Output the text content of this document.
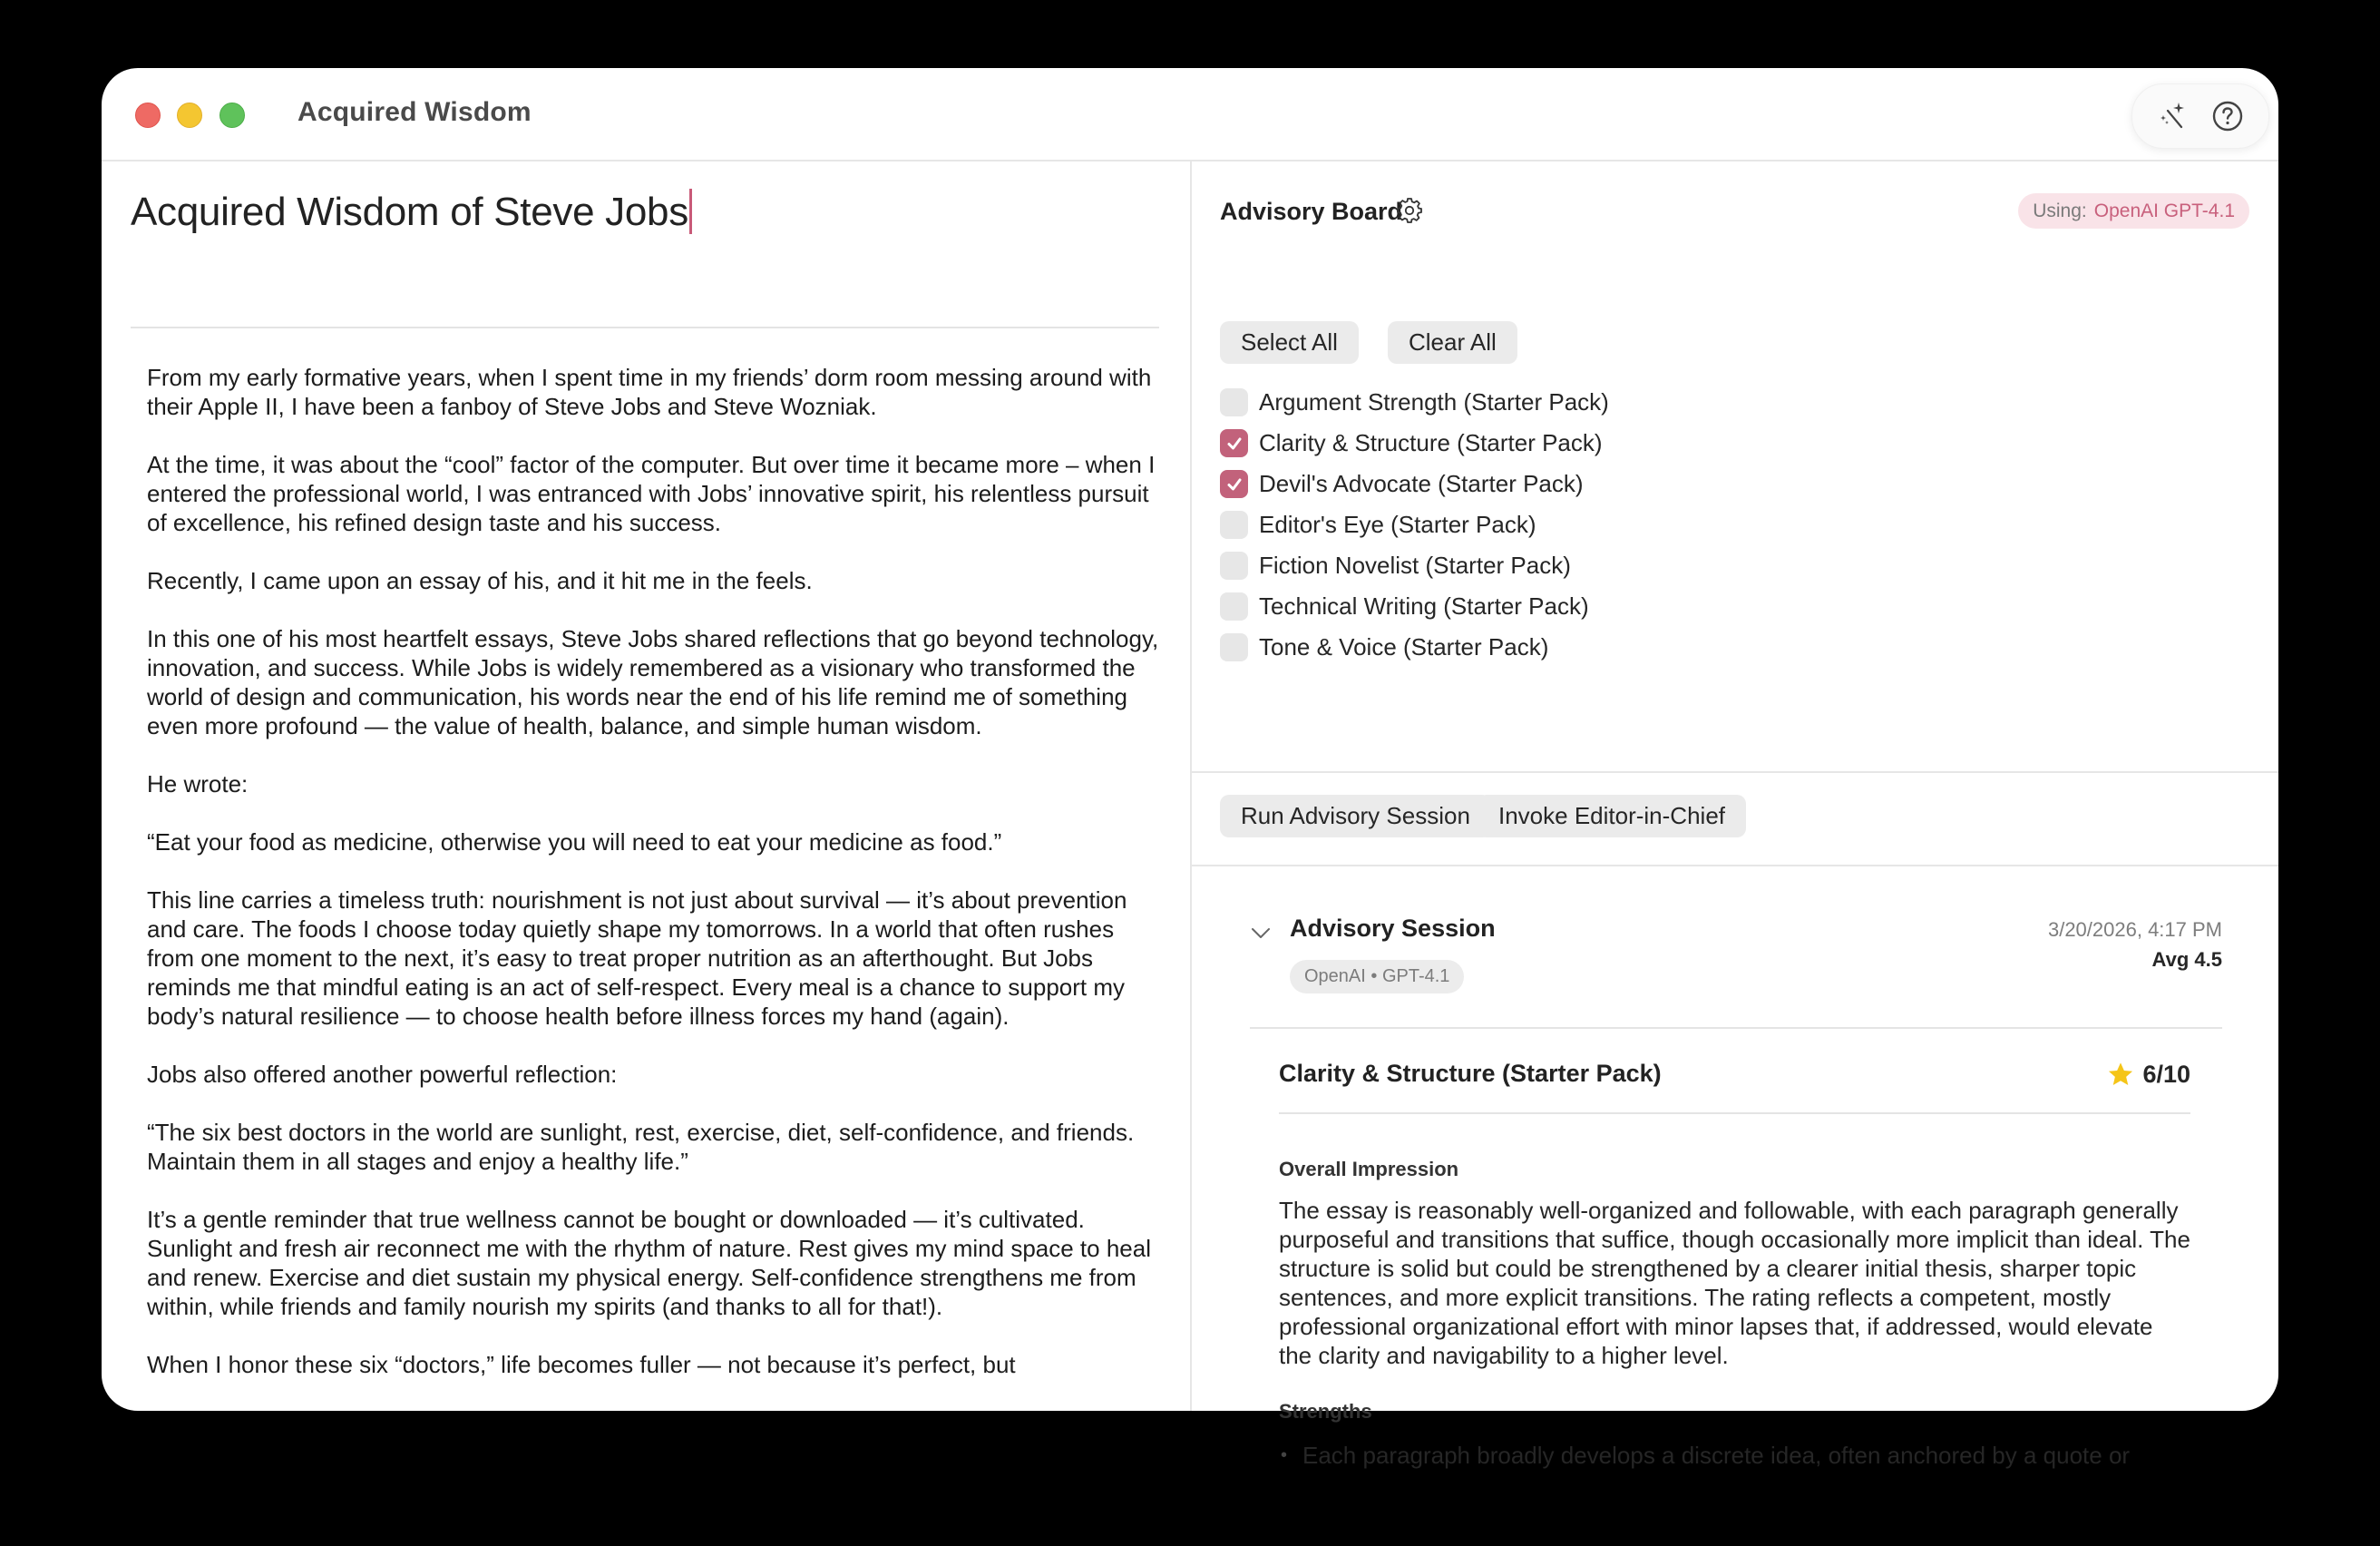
Acquired Wisdom
Acquired Wisdom of Steve Jobs

From my early formative years, when I spent time in my friends’ dorm room messing around with their Apple II, I have been a fanboy of Steve Jobs and Steve Wozniak.

At the time, it was about the “cool” factor of the computer. But over time it became more – when I entered the professional world, I was entranced with Jobs’ innovative spirit, his relentless pursuit of excellence, his refined design taste and his success.

Recently, I came upon an essay of his, and it hit me in the feels.

In this one of his most heartfelt essays, Steve Jobs shared reflections that go beyond technology, innovation, and success. While Jobs is widely remembered as a visionary who transformed the world of design and communication, his words near the end of his life remind me of something even more profound — the value of health, balance, and simple human wisdom.

He wrote:

“Eat your food as medicine, otherwise you will need to eat your medicine as food.”

This line carries a timeless truth: nourishment is not just about survival — it’s about prevention and care. The foods I choose today quietly shape my tomorrows. In a world that often rushes from one moment to the next, it’s easy to treat proper nutrition as an afterthought. But Jobs reminds me that mindful eating is an act of self-respect. Every meal is a chance to support my body’s natural resilience — to choose health before illness forces my hand (again).

Jobs also offered another powerful reflection:

“The six best doctors in the world are sunlight, rest, exercise, diet, self-confidence, and friends. Maintain them in all stages and enjoy a healthy life.”

It’s a gentle reminder that true wellness cannot be bought or downloaded — it’s cultivated. Sunlight and fresh air reconnect me with the rhythm of nature. Rest gives my mind space to heal and renew. Exercise and diet sustain my physical energy. Self-confidence strengthens me from within, while friends and family nourish my spirits (and thanks to all for that!).

When I honor these six “doctors,” life becomes fuller — not because it’s perfect, but

Advisory Board	Using: OpenAI GPT-4.1
Select All	Clear All
Argument Strength (Starter Pack)
Clarity & Structure (Starter Pack)
Devil's Advocate (Starter Pack)
Editor's Eye (Starter Pack)
Fiction Novelist (Starter Pack)
Technical Writing (Starter Pack)
Tone & Voice (Starter Pack)
Run Advisory Session	Invoke Editor-in-Chief
Advisory Session
OpenAI • GPT-4.1
3/20/2026, 4:17 PM
Avg 4.5
Clarity & Structure (Starter Pack)	6/10
Overall Impression
The essay is reasonably well-organized and followable, with each paragraph generally purposeful and transitions that suffice, though occasionally more implicit than ideal. The structure is solid but could be strengthened by a clearer initial thesis, sharper topic sentences, and more explicit transitions. The rating reflects a competent, mostly professional organizational effort with minor lapses that, if addressed, would elevate the clarity and navigability to a higher level.
Strengths
• Each paragraph broadly develops a discrete idea, often anchored by a quote or
